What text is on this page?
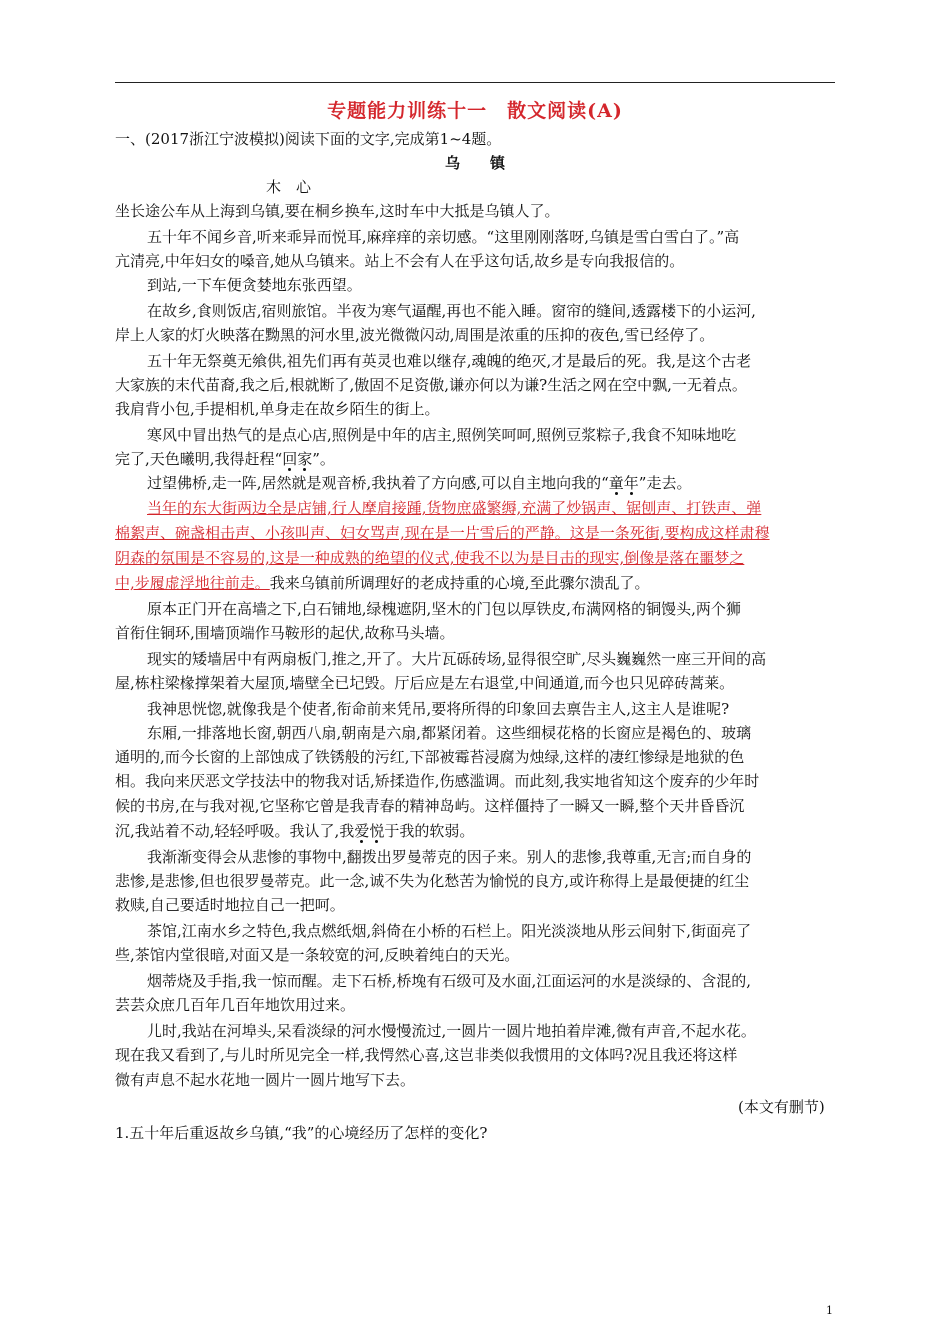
专题能力训练十一　散文阅读(A)
一、(2017浙江宁波模拟)阅读下面的文字,完成第1~4题。
乌　　镇
木　心
坐长途公车从上海到乌镇,要在桐乡换车,这时车中大抵是乌镇人了。
五十年不闻乡音,听来乖异而悦耳,麻痒痒的亲切感。“这里刚刚落呀,乌镇是雪白雪白了。”高
亢清亮,中年妇女的嗓音,她从乌镇来。站上不会有人在乎这句话,故乡是专向我报信的。
到站,一下车便贪婪地东张西望。
在故乡,食则饭店,宿则旅馆。半夜为寒气逼醒,再也不能入睡。窗帘的缝间,透露楼下的小运河,
岸上人家的灯火映落在黝黑的河水里,波光微微闪动,周围是浓重的压抑的夜色,雪已经停了。
五十年无祭奠无飨供,祖先们再有英灵也难以继存,魂魄的绝灭,才是最后的死。我,是这个古老
大家族的末代苗裔,我之后,根就断了,傲固不足资傲,谦亦何以为谦?生活之网在空中飘,一无着点。
我肩背小包,手提相机,单身走在故乡陌生的街上。
寒风中冒出热气的是点心店,照例是中年的店主,照例笑呵呵,照例豆浆粽子,我食不知味地吃
完了,天色曦明,我得赶程“回家”。
过望佛桥,走一阵,居然就是观音桥,我执着了方向感,可以自主地向我的“童年”走去。
当年的东大街两边全是店铺,行人摩肩接踵,货物庶盛繁缛,充满了炒锅声、锯刨声、打铁声、弹
棉絮声、碗盏相击声、小孩叫声、妇女骂声,现在是一片雪后的严静。这是一条死街,要构成这样肃穆
阴森的氛围是不容易的,这是一种成熟的绝望的仪式,使我不以为是目击的现实,倒像是落在噩梦之
中,步履虚浮地往前走。我来乌镇前所调理好的老成持重的心境,至此骤尔溃乱了。
原本正门开在高墙之下,白石铺地,绿槐遮阴,坚木的门包以厚铁皮,布满网格的铜馒头,两个狮
首衔住铜环,围墙顶端作马鞍形的起伏,故称马头墙。
现实的矮墙居中有两扇板门,推之,开了。大片瓦砾砖场,显得很空旷,尽头巍巍然一座三开间的高
屋,栋柱梁椽撑架着大屋顶,墙壁全已圮毁。厅后应是左右退堂,中间通道,而今也只见碎砖蒿莱。
我神思恍惚,就像我是个使者,衔命前来凭吊,要将所得的印象回去禀告主人,这主人是谁呢?
东厢,一排落地长窗,朝西八扇,朝南是六扇,都紧闭着。这些细棂花格的长窗应是褐色的、玻璃
通明的,而今长窗的上部蚀成了铁锈般的污红,下部被霉苔浸腐为烛绿,这样的凄红惨绿是地狱的色
相。我向来厌恶文学技法中的物我对话,矫揉造作,伤感滥调。而此刻,我实地省知这个废弃的少年时
候的书房,在与我对视,它坚称它曾是我青春的精神岛屿。这样僵持了一瞬又一瞬,整个天井昏昏沉
沉,我站着不动,轻轻呼吸。我认了,我爱悦于我的软弱。
我渐渐变得会从悲惨的事物中,翻拨出罗曼蒂克的因子来。别人的悲惨,我尊重,无言;而自身的
悲惨,是悲惨,但也很罗曼蒂克。此一念,诚不失为化愁苦为愉悦的良方,或许称得上是最便捷的红尘
救赎,自己要适时地拉自己一把呵。
茶馆,江南水乡之特色,我点燃纸烟,斜倚在小桥的石栏上。阳光淡淡地从彤云间射下,街面亮了
些,茶馆内堂很暗,对面又是一条较宽的河,反映着纯白的天光。
烟蒂烧及手指,我一惊而醒。走下石桥,桥堍有石级可及水面,江面运河的水是淡绿的、含混的,
芸芸众庶几百年几百年地饮用过来。
儿时,我站在河埠头,呆看淡绿的河水慢慢流过,一圆片一圆片地拍着岸滩,微有声音,不起水花。
现在我又看到了,与儿时所见完全一样,我愕然心喜,这岂非类似我惯用的文体吗?况且我还将这样
微有声息不起水花地一圆片一圆片地写下去。
(本文有删节)
1.五十年后重返故乡乌镇,“我”的心境经历了怎样的变化?
1
